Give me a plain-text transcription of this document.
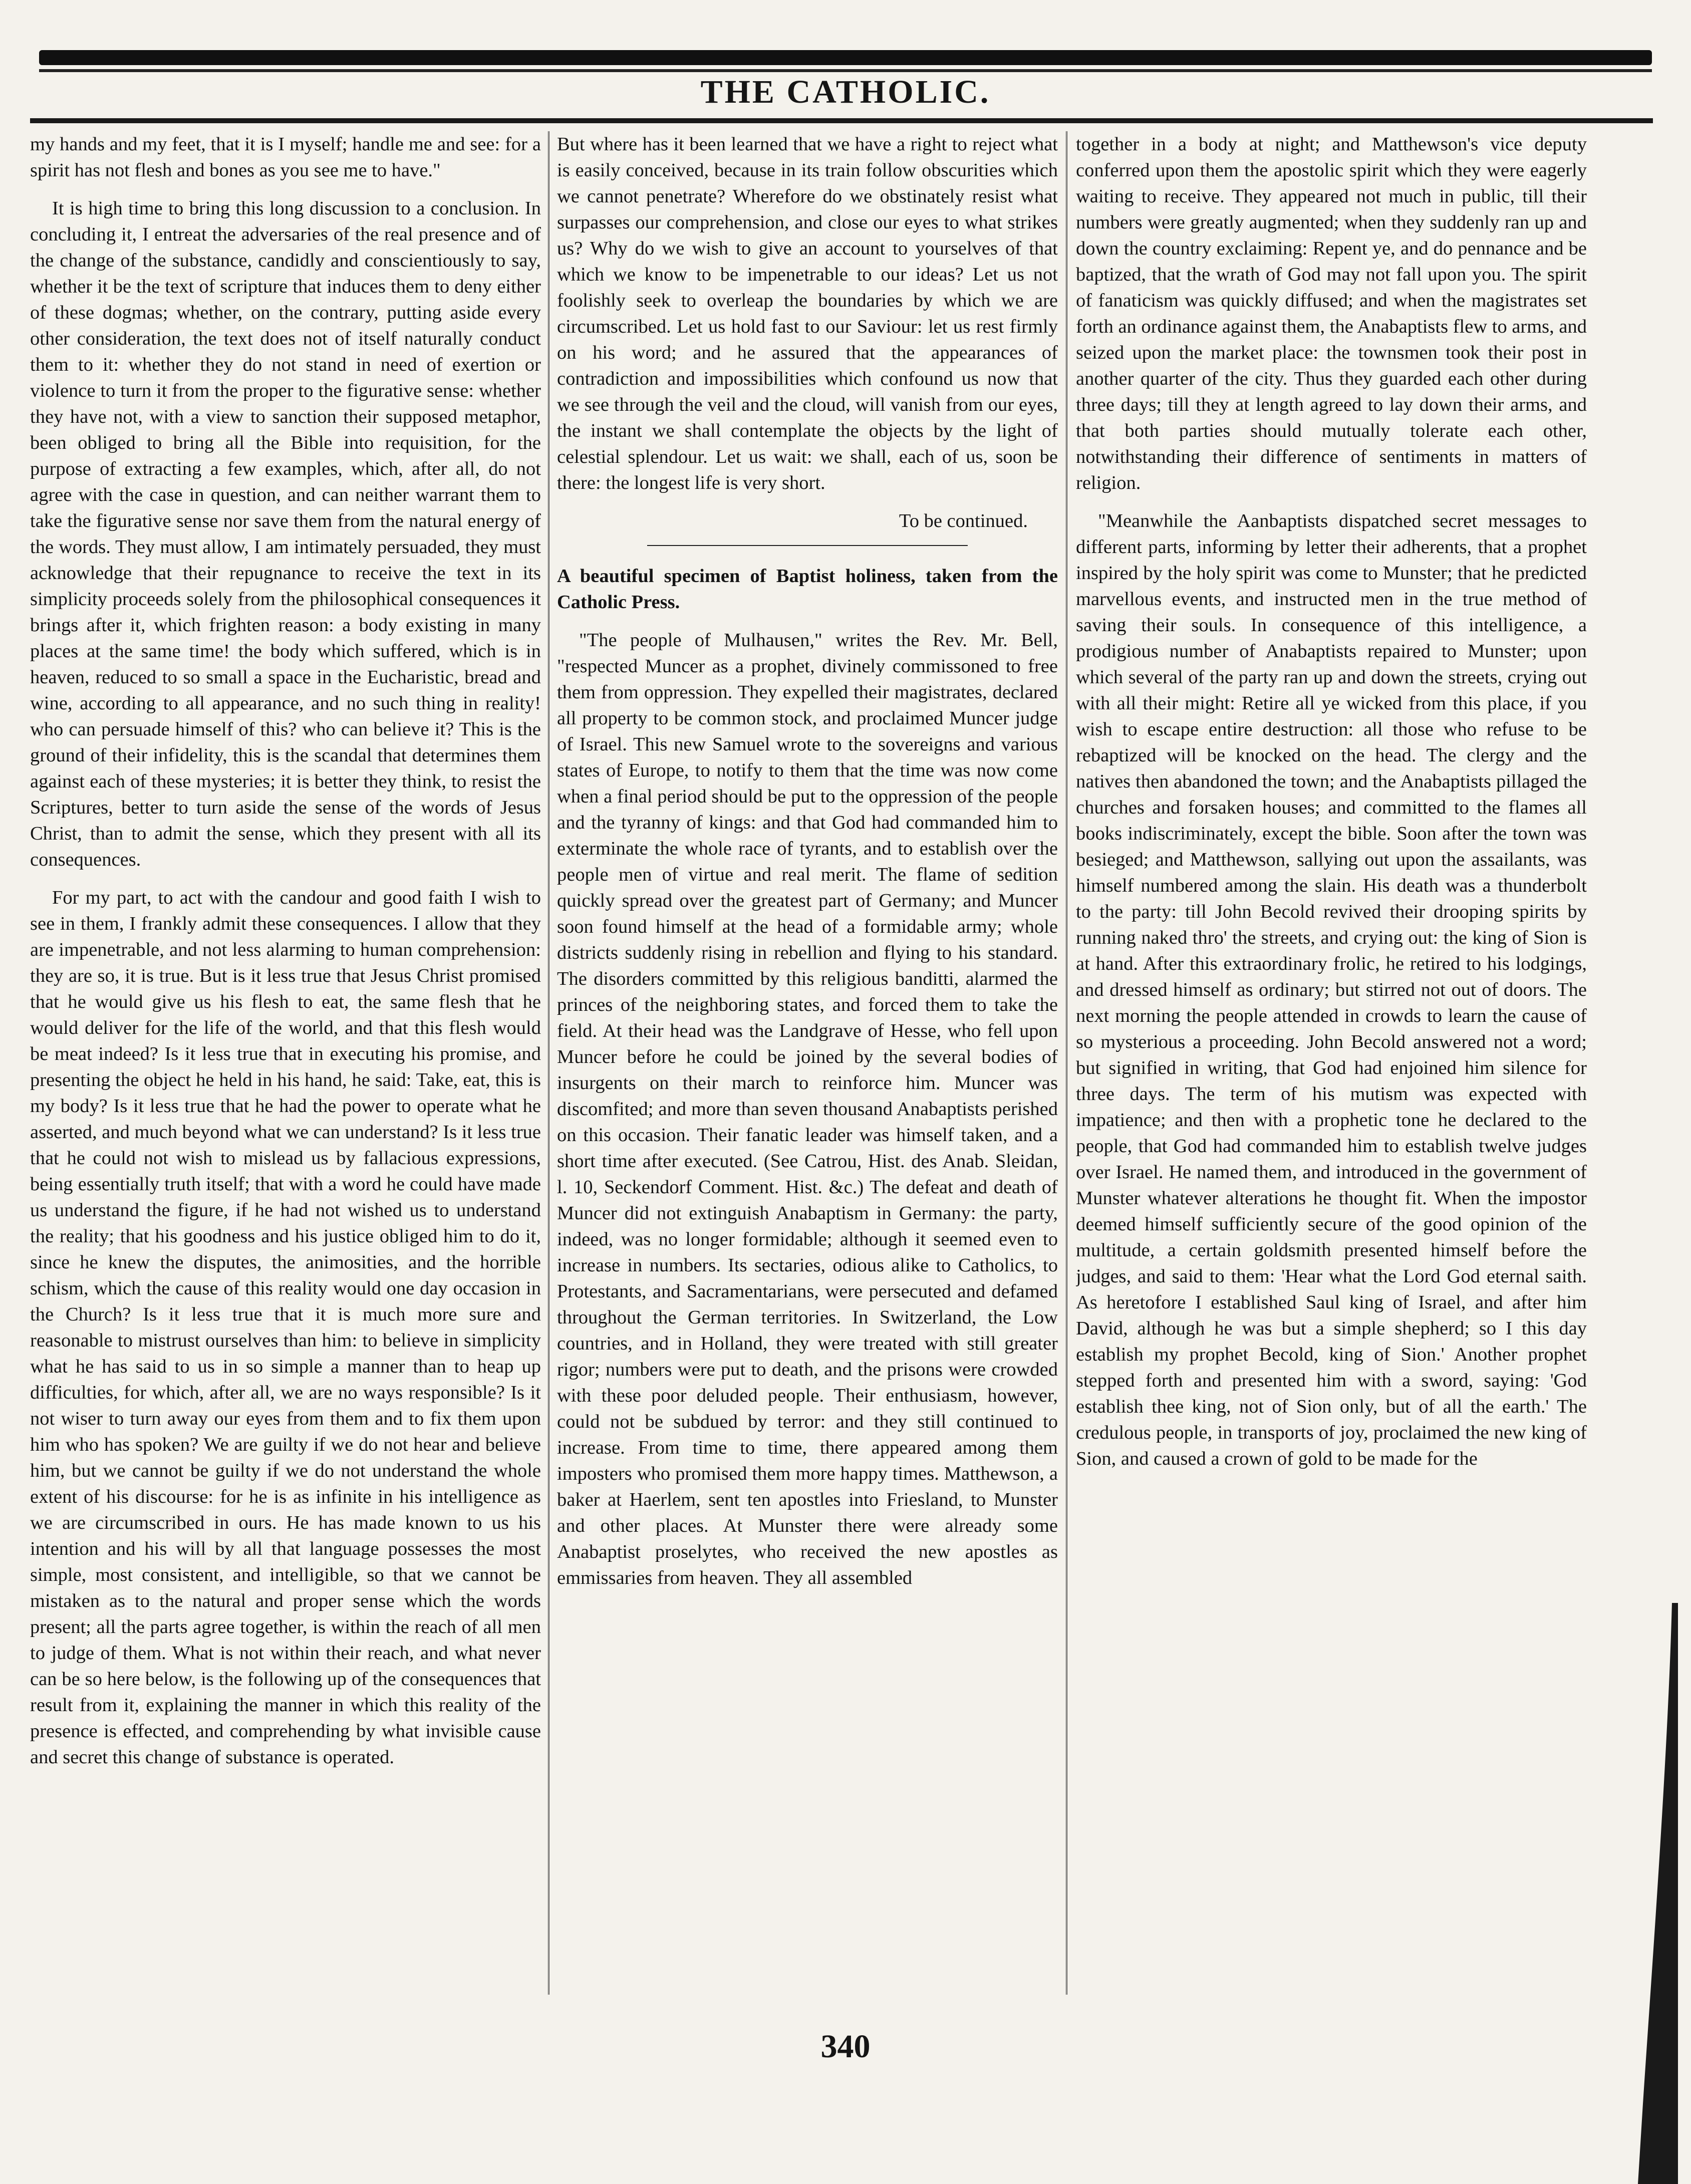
THE CATHOLIC.

my hands and my feet, that it is I myself; handle me and see: for a spirit has not flesh and bones as you see me to have."

It is high time to bring this long discussion to a conclusion. In concluding it, I entreat the adversaries of the real presence and of the change of the substance, candidly and conscientiously to say, whether it be the text of scripture that induces them to deny either of these dogmas; whether, on the contrary, putting aside every other consideration, the text does not of itself naturally conduct them to it: whether they do not stand in need of exertion or violence to turn it from the proper to the figurative sense: whether they have not, with a view to sanction their supposed metaphor, been obliged to bring all the Bible into requisition, for the purpose of extracting a few examples, which, after all, do not agree with the case in question, and can neither warrant them to take the figurative sense nor save them from the natural energy of the words. They must allow, I am intimately persuaded, they must acknowledge that their repugnance to receive the text in its simplicity proceeds solely from the philosophical consequences it brings after it, which frighten reason: a body existing in many places at the same time! the body which suffered, which is in heaven, reduced to so small a space in the Eucharistic, bread and wine, according to all appearance, and no such thing in reality! who can persuade himself of this? who can believe it? This is the ground of their infidelity, this is the scandal that determines them against each of these mysteries; it is better they think, to resist the Scriptures, better to turn aside the sense of the words of Jesus Christ, than to admit the sense, which they present with all its consequences.

For my part, to act with the candour and good faith I wish to see in them, I frankly admit these consequences. I allow that they are impenetrable, and not less alarming to human comprehension: they are so, it is true. But is it less true that Jesus Christ promised that he would give us his flesh to eat, the same flesh that he would deliver for the life of the world, and that this flesh would be meat indeed? Is it less true that in executing his promise, and presenting the object he held in his hand, he said: Take, eat, this is my body? Is it less true that he had the power to operate what he asserted, and much beyond what we can understand? Is it less true that he could not wish to mislead us by fallacious expressions, being essentially truth itself; that with a word he could have made us understand the figure, if he had not wished us to understand the reality; that his goodness and his justice obliged him to do it, since he knew the disputes, the animosities, and the horrible schism, which the cause of this reality would one day occasion in the Church? Is it less true that it is much more sure and reasonable to mistrust ourselves than him: to believe in simplicity what he has said to us in so simple a manner than to heap up difficulties, for which, after all, we are no ways responsible? Is it not wiser to turn away our eyes from them and to fix them upon him who has spoken? We are guilty if we do not hear and believe him, but we cannot be guilty if we do not understand the whole extent of his discourse: for he is as infinite in his intelligence as we are circumscribed in ours. He has made known to us his intention and his will by all that language possesses the most simple, most consistent, and intelligible, so that we cannot be mistaken as to the natural and proper sense which the words present; all the parts agree together, is within the reach of all men to judge of them. What is not within their reach, and what never can be so here below, is the following up of the consequences that result from it, explaining the manner in which this reality of the presence is effected, and comprehending by what invisible cause and secret this change of substance is operated.

But where has it been learned that we have a right to reject what is easily conceived, because in its train follow obscurities which we cannot penetrate? Wherefore do we obstinately resist what surpasses our comprehension, and close our eyes to what strikes us? Why do we wish to give an account to yourselves of that which we know to be impenetrable to our ideas? Let us not foolishly seek to overleap the boundaries by which we are circumscribed. Let us hold fast to our Saviour: let us rest firmly on his word; and he assured that the appearances of contradiction and impossibilities which confound us now that we see through the veil and the cloud, will vanish from our eyes, the instant we shall contemplate the objects by the light of celestial splendour. Let us wait: we shall, each of us, soon be there: the longest life is very short.

To be continued.

A beautiful specimen of Baptist holiness, taken from the Catholic Press.

"The people of Mulhausen," writes the Rev. Mr. Bell, "respected Muncer as a prophet, divinely commissoned to free them from oppression. They expelled their magistrates, declared all property to be common stock, and proclaimed Muncer judge of Israel. This new Samuel wrote to the sovereigns and various states of Europe, to notify to them that the time was now come when a final period should be put to the oppression of the people and the tyranny of kings: and that God had commanded him to exterminate the whole race of tyrants, and to establish over the people men of virtue and real merit. The flame of sedition quickly spread over the greatest part of Germany; and Muncer soon found himself at the head of a formidable army; whole districts suddenly rising in rebellion and flying to his standard. The disorders committed by this religious banditti, alarmed the princes of the neighboring states, and forced them to take the field. At their head was the Landgrave of Hesse, who fell upon Muncer before he could be joined by the several bodies of insurgents on their march to reinforce him. Muncer was discomfited; and more than seven thousand Anabaptists perished on this occasion. Their fanatic leader was himself taken, and a short time after executed. (See Catrou, Hist. des Anab. Sleidan, l. 10, Seckendorf Comment. Hist. &c.) The defeat and death of Muncer did not extinguish Anabaptism in Germany: the party, indeed, was no longer formidable; although it seemed even to increase in numbers. Its sectaries, odious alike to Catholics, to Protestants, and Sacramentarians, were persecuted and defamed throughout the German territories. In Switzerland, the Low countries, and in Holland, they were treated with still greater rigor; numbers were put to death, and the prisons were crowded with these poor deluded people. Their enthusiasm, however, could not be subdued by terror: and they still continued to increase. From time to time, there appeared among them imposters who promised them more happy times. Matthewson, a baker at Haerlem, sent ten apostles into Friesland, to Munster and other places. At Munster there were already some Anabaptist proselytes, who received the new apostles as emmissaries from heaven. They all assembled

together in a body at night; and Matthewson's vice deputy conferred upon them the apostolic spirit which they were eagerly waiting to receive. They appeared not much in public, till their numbers were greatly augmented; when they suddenly ran up and down the country exclaiming: Repent ye, and do pennance and be baptized, that the wrath of God may not fall upon you. The spirit of fanaticism was quickly diffused; and when the magistrates set forth an ordinance against them, the Anabaptists flew to arms, and seized upon the market place: the townsmen took their post in another quarter of the city. Thus they guarded each other during three days; till they at length agreed to lay down their arms, and that both parties should mutually tolerate each other, notwithstanding their difference of sentiments in matters of religion.

"Meanwhile the Aanbaptists dispatched secret messages to different parts, informing by letter their adherents, that a prophet inspired by the holy spirit was come to Munster; that he predicted marvellous events, and instructed men in the true method of saving their souls. In consequence of this intelligence, a prodigious number of Anabaptists repaired to Munster; upon which several of the party ran up and down the streets, crying out with all their might: Retire all ye wicked from this place, if you wish to escape entire destruction: all those who refuse to be rebaptized will be knocked on the head. The clergy and the natives then abandoned the town; and the Anabaptists pillaged the churches and forsaken houses; and committed to the flames all books indiscriminately, except the bible. Soon after the town was besieged; and Matthewson, sallying out upon the assailants, was himself numbered among the slain. His death was a thunderbolt to the party: till John Becold revived their drooping spirits by running naked thro' the streets, and crying out: the king of Sion is at hand. After this extraordinary frolic, he retired to his lodgings, and dressed himself as ordinary; but stirred not out of doors. The next morning the people attended in crowds to learn the cause of so mysterious a proceeding. John Becold answered not a word; but signified in writing, that God had enjoined him silence for three days. The term of his mutism was expected with impatience; and then with a prophetic tone he declared to the people, that God had commanded him to establish twelve judges over Israel. He named them, and introduced in the government of Munster whatever alterations he thought fit. When the impostor deemed himself sufficiently secure of the good opinion of the multitude, a certain goldsmith presented himself before the judges, and said to them: 'Hear what the Lord God eternal saith. As heretofore I established Saul king of Israel, and after him David, although he was but a simple shepherd; so I this day establish my prophet Becold, king of Sion.' Another prophet stepped forth and presented him with a sword, saying: 'God establish thee king, not of Sion only, but of all the earth.' The credulous people, in transports of joy, proclaimed the new king of Sion, and caused a crown of gold to be made for the

340
